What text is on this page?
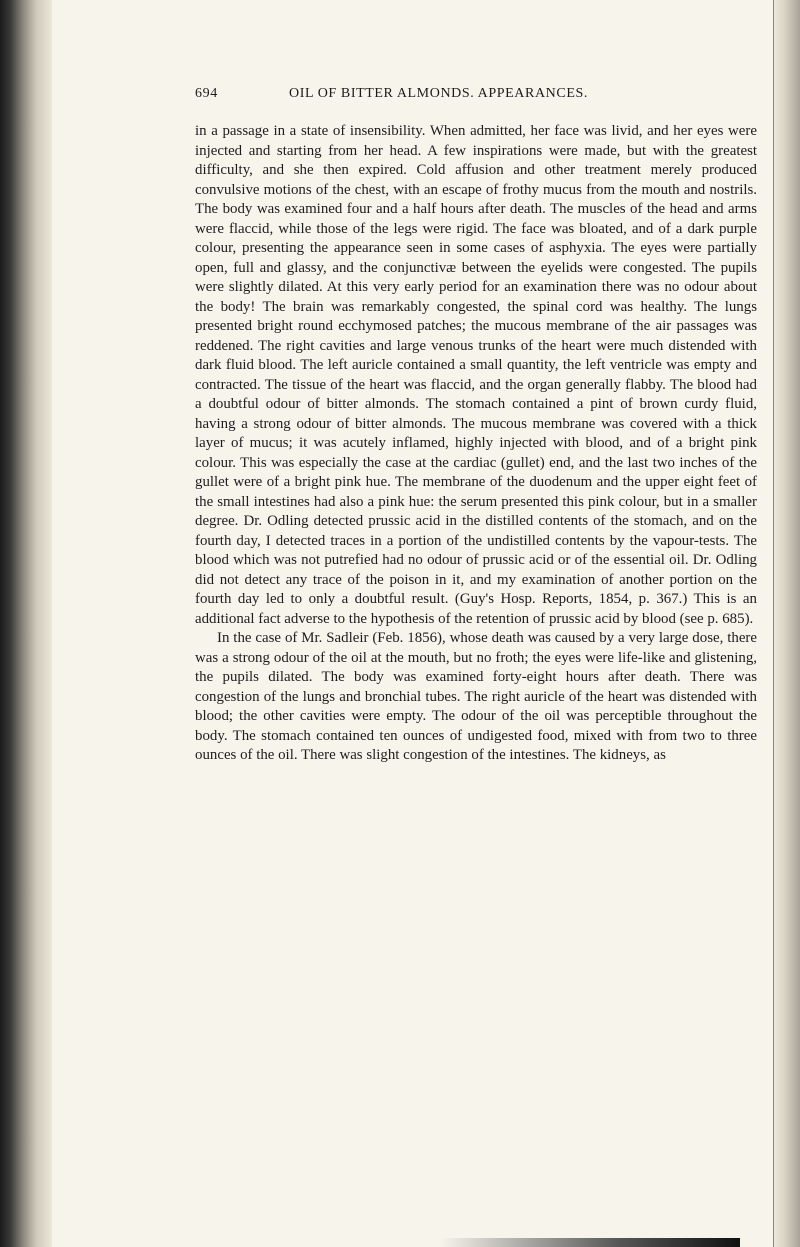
694	OIL OF BITTER ALMONDS. APPEARANCES.

in a passage in a state of insensibility. When admitted, her face was livid, and her eyes were injected and starting from her head. A few inspirations were made, but with the greatest difficulty, and she then expired. Cold affusion and other treatment merely produced convulsive motions of the chest, with an escape of frothy mucus from the mouth and nostrils. The body was examined four and a half hours after death. The muscles of the head and arms were flaccid, while those of the legs were rigid. The face was bloated, and of a dark purple colour, presenting the appearance seen in some cases of asphyxia. The eyes were partially open, full and glassy, and the conjunctivæ between the eyelids were congested. The pupils were slightly dilated. At this very early period for an examination there was no odour about the body! The brain was remarkably congested, the spinal cord was healthy. The lungs presented bright round ecchymosed patches; the mucous membrane of the air passages was reddened. The right cavities and large venous trunks of the heart were much distended with dark fluid blood. The left auricle contained a small quantity, the left ventricle was empty and contracted. The tissue of the heart was flaccid, and the organ generally flabby. The blood had a doubtful odour of bitter almonds. The stomach contained a pint of brown curdy fluid, having a strong odour of bitter almonds. The mucous membrane was covered with a thick layer of mucus; it was acutely inflamed, highly injected with blood, and of a bright pink colour. This was especially the case at the cardiac (gullet) end, and the last two inches of the gullet were of a bright pink hue. The membrane of the duodenum and the upper eight feet of the small intestines had also a pink hue: the serum presented this pink colour, but in a smaller degree. Dr. Odling detected prussic acid in the distilled contents of the stomach, and on the fourth day, I detected traces in a portion of the undistilled contents by the vapour-tests. The blood which was not putrefied had no odour of prussic acid or of the essential oil. Dr. Odling did not detect any trace of the poison in it, and my examination of another portion on the fourth day led to only a doubtful result. (Guy's Hosp. Reports, 1854, p. 367.) This is an additional fact adverse to the hypothesis of the retention of prussic acid by blood (see p. 685).

In the case of Mr. Sadleir (Feb. 1856), whose death was caused by a very large dose, there was a strong odour of the oil at the mouth, but no froth; the eyes were life-like and glistening, the pupils dilated. The body was examined forty-eight hours after death. There was congestion of the lungs and bronchial tubes. The right auricle of the heart was distended with blood; the other cavities were empty. The odour of the oil was perceptible throughout the body. The stomach contained ten ounces of undigested food, mixed with from two to three ounces of the oil. There was slight congestion of the intestines. The kidneys, as
